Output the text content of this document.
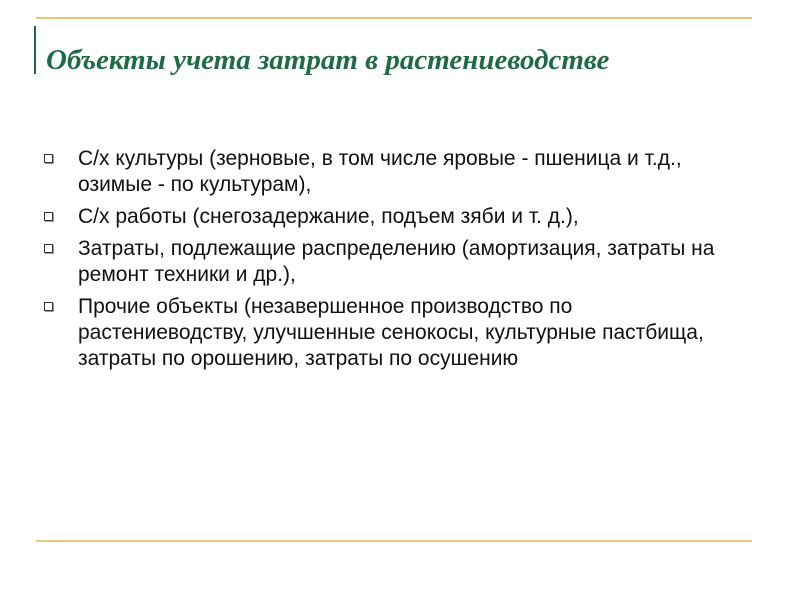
Объекты учета затрат в растениеводстве
С/х культуры (зерновые, в том числе яровые - пшеница и т.д., озимые - по культурам),
С/х работы (снегозадержание, подъем зяби и т. д.),
Затраты, подлежащие распределению (амортизация, затраты на ремонт техники и др.),
Прочие объекты (незавершенное производство по растениеводству, улучшенные сенокосы, культурные пастбища, затраты по орошению, затраты по осушению
